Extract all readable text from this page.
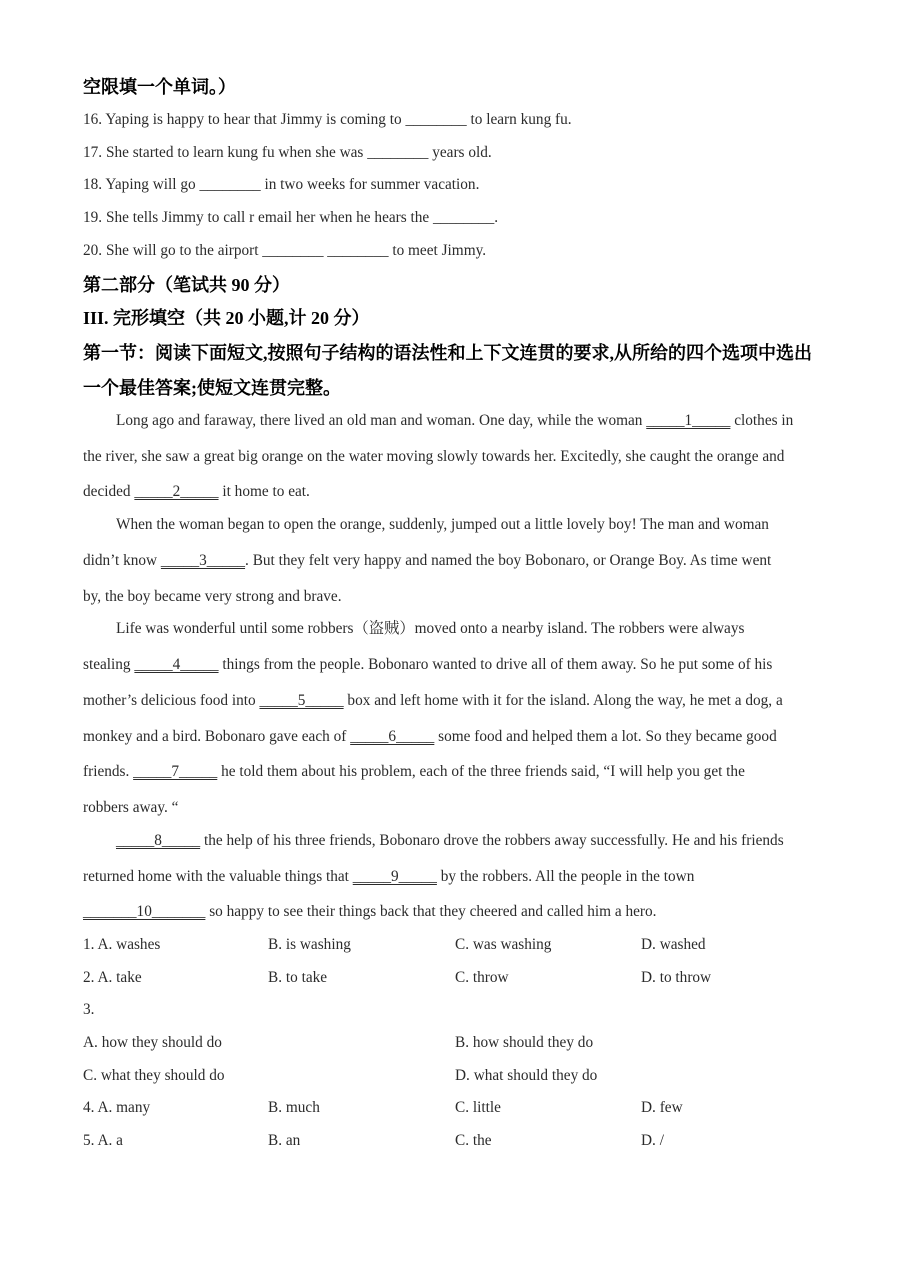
空限填一个单词。）
16. Yaping is happy to hear that Jimmy is coming to ________ to learn kung fu.
17. She started to learn kung fu when she was ________ years old.
18. Yaping will go ________ in two weeks for summer vacation.
19. She tells Jimmy to call r email her when he hears the ________.
20. She will go to the airport ________ ________ to meet Jimmy.
第二部分（笔试共 90 分）
III. 完形填空（共 20 小题,计 20 分）
第一节：阅读下面短文,按照句子结构的语法性和上下文连贯的要求,从所给的四个选项中选出
一个最佳答案;使短文连贯完整。
Long ago and faraway, there lived an old man and woman. One day, while the woman _____1_____ clothes in
the river, she saw a great big orange on the water moving slowly towards her. Excitedly, she caught the orange and
decided _____2_____ it home to eat.
When the woman began to open the orange, suddenly, jumped out a little lovely boy! The man and woman
didn’t know _____3_____. But they felt very happy and named the boy Bobonaro, or Orange Boy. As time went
by, the boy became very strong and brave.
Life was wonderful until some robbers（盗贼）moved onto a nearby island. The robbers were always
stealing _____4_____ things from the people. Bobonaro wanted to drive all of them away. So he put some of his
mother’s delicious food into _____5_____ box and left home with it for the island. Along the way, he met a dog, a
monkey and a bird. Bobonaro gave each of _____6_____ some food and helped them a lot. So they became good
friends. _____7_____ he told them about his problem, each of the three friends said, “I will help you get the
robbers away. “
_____8_____ the help of his three friends, Bobonaro drove the robbers away successfully. He and his friends
returned home with the valuable things that _____9_____ by the robbers. All the people in the town
_______10_______ so happy to see their things back that they cheered and called him a hero.
1. A. washes	B. is washing	C. was washing	D. washed
2. A. take	B. to take	C. throw	D. to throw
3.
A. how they should do	B. how should they do
C. what they should do	D. what should they do
4. A. many	B. much	C. little	D. few
5. A. a	B. an	C. the	D. /
